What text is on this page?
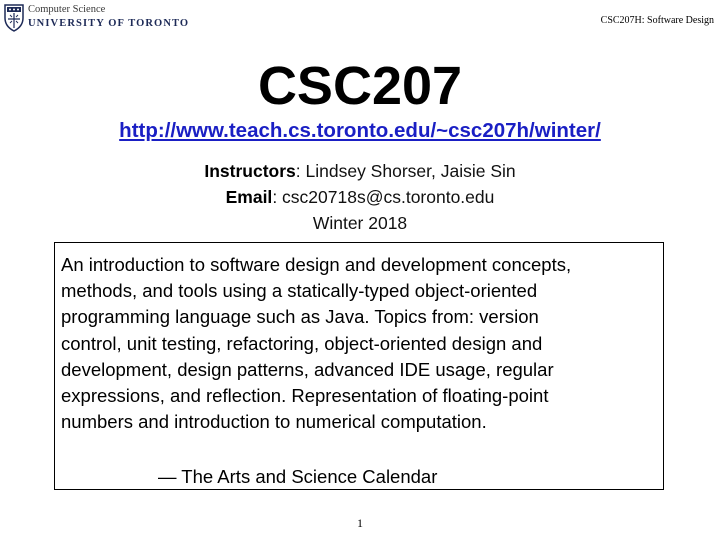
Computer Science
UNIVERSITY OF TORONTO	CSC207H: Software Design
CSC207
http://www.teach.cs.toronto.edu/~csc207h/winter/
Instructors: Lindsey Shorser, Jaisie Sin
Email: csc20718s@cs.toronto.edu
Winter 2018
An introduction to software design and development concepts,
methods, and tools using a statically-typed object-oriented
programming language such as Java. Topics from: version
control, unit testing, refactoring, object-oriented design and
development, design patterns, advanced IDE usage, regular
expressions, and reflection. Representation of floating-point
numbers and introduction to numerical computation.
— The Arts and Science Calendar
1
